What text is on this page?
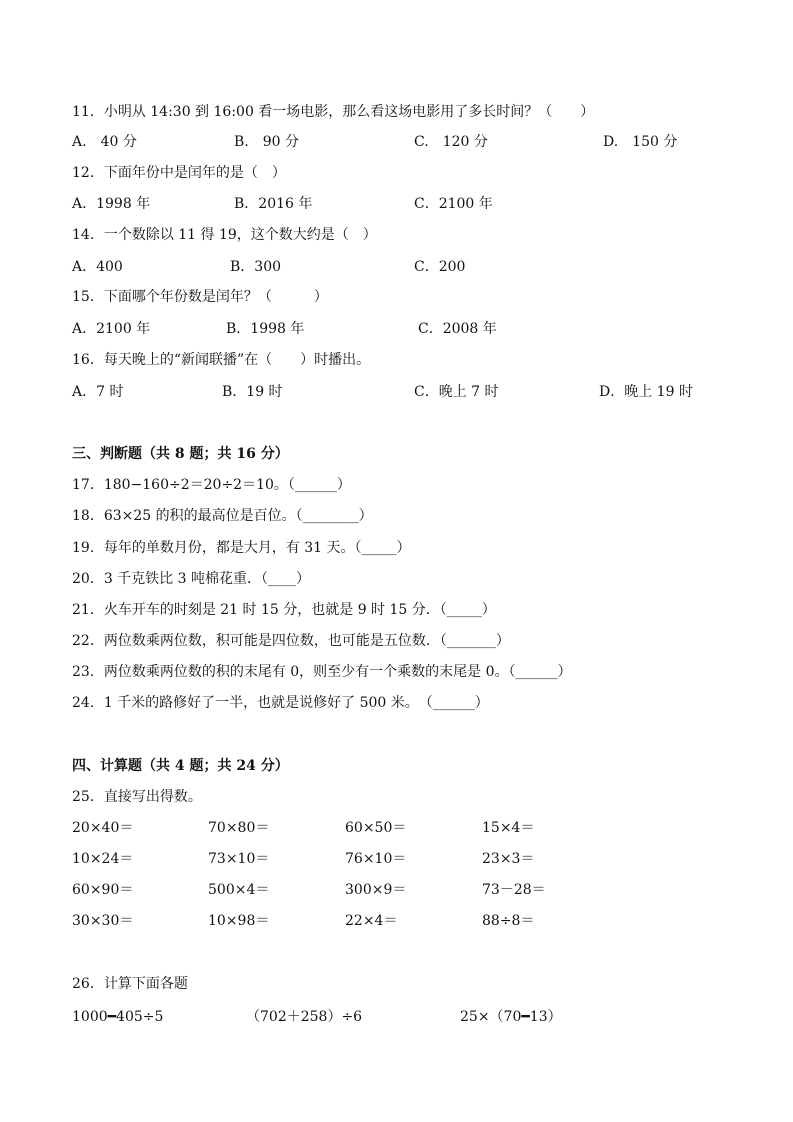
11．小明从 14:30 到 16:00 看一场电影，那么看这场电影用了多长时间？（　　）
A.　40 分	B.　90 分	C.　120 分	D.　150 分
12．下面年份中是闰年的是（　）
A．1998 年	B．2016 年	C．2100 年
14．一个数除以 11 得 19，这个数大约是（　）
A．400	B．300	C．200
15．下面哪个年份数是闰年？（　　　）
A．2100 年	B．1998 年	C．2008 年
16．每天晚上的“新闻联播”在（　　）时播出。
A．7 时	B．19 时	C．晚上 7 时	D．晚上 19 时
三、判断题（共 8 题；共 16 分）
17．180−160÷2＝20÷2＝10。（______）
18．63×25 的积的最高位是百位。（________）
19．每年的单数月份，都是大月，有 31 天。（_____）
20．3 千克铁比 3 吨棉花重．（____）
21．火车开车的时刻是 21 时 15 分，也就是 9 时 15 分．（_____）
22．两位数乘两位数，积可能是四位数，也可能是五位数．（_______）
23．两位数乘两位数的积的末尾有 0，则至少有一个乘数的末尾是 0。（______）
24．1 千米的路修好了一半，也就是说修好了 500 米。　（______）
四、计算题（共 4 题；共 24 分）
25．直接写出得数。
20×40＝	70×80＝	60×50＝	15×4＝
10×24＝	73×10＝	76×10＝	23×3＝
60×90＝	500×4＝	300×9＝	73－28＝
30×30＝	10×98＝	22×4＝	88÷8＝
26．计算下面各题
1000━405÷5	（702＋258）÷6	25×（70━13）
